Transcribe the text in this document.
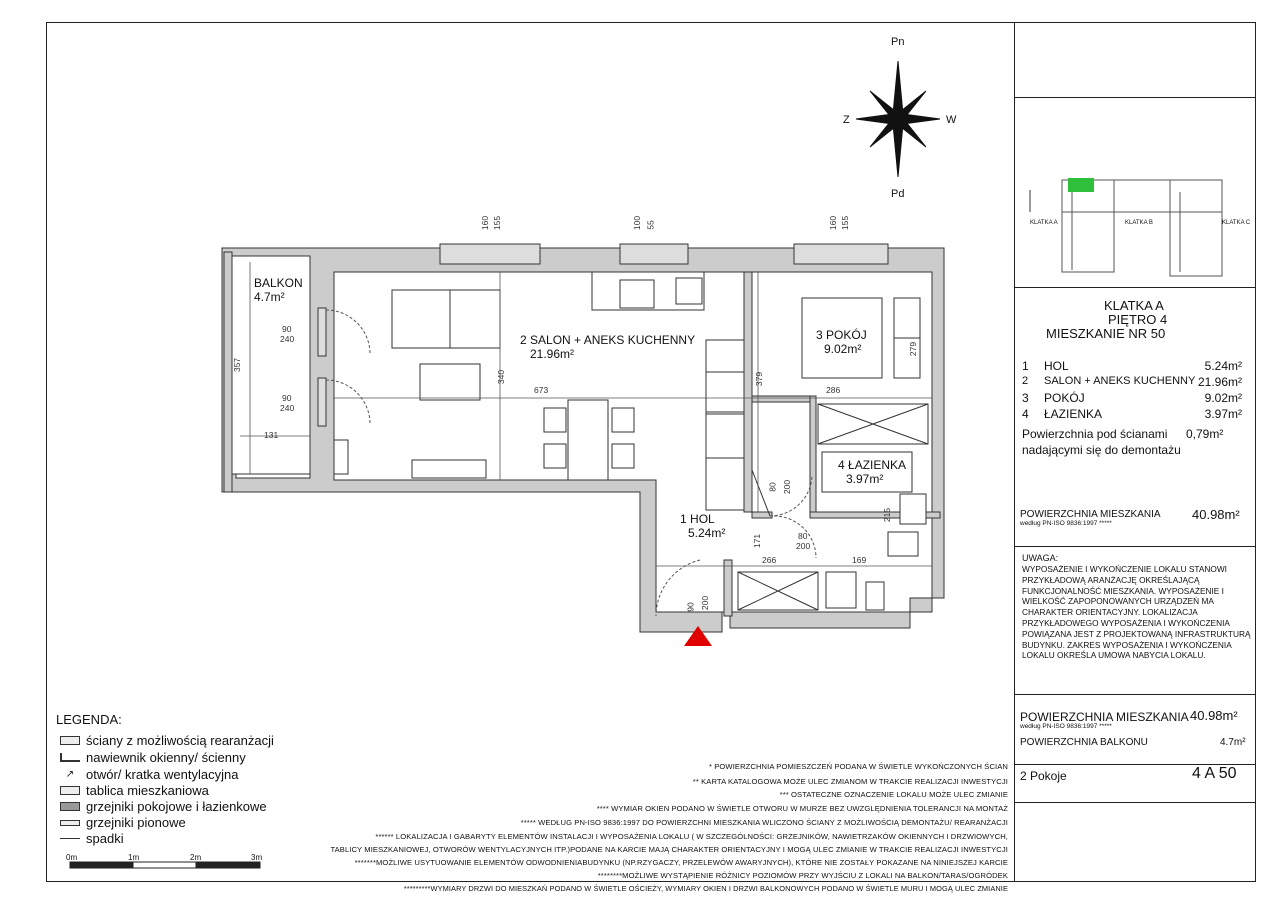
Pn
Pd
Z	W
BALKON
4.7m²
2 SALON + ANEKS KUCHENNY
21.96m²
3 POKÓJ
9.02m²
4 ŁAZIENKA
3.97m²
1 HOL
5.24m²
160 155	100 55	160 155
90
240
90
240
357
131
340
673
379
286
279
80 200
80
200
215
171
266	169
90 200
LEGENDA:
ściany z możliwością rearanżacji
nawiewnik okienny/ ścienny
↗ otwór/ kratka wentylacyjna
tablica mieszkaniowa
grzejniki pokojowe i łazienkowe
grzejniki pionowe
spadki
0m	1m	2m	3m
* POWIERZCHNIA POMIESZCZEŃ PODANA W ŚWIETLE WYKOŃCZONYCH ŚCIAN
** KARTA KATALOGOWA MOŻE ULEC ZMIANOM W TRAKCIE REALIZACJI INWESTYCJI
*** OSTATECZNE OZNACZENIE LOKALU MOŻE ULEC ZMIANIE
**** WYMIAR OKIEN PODANO W ŚWIETLE OTWORU W MURZE BEZ UWZGLĘDNIENIA TOLERANCJI NA MONTAŻ
***** WEDŁUG PN-ISO 9836:1997 DO POWIERZCHNI MIESZKANIA WLICZONO ŚCIANY Z MOŻLIWOŚCIĄ DEMONTAŻU/ REARANŻACJI
****** LOKALIZACJA I GABARYTY ELEMENTÓW INSTALACJI I WYPOSAŻENIA LOKALU ( W SZCZEGÓLNOŚCI: GRZEJNIKÓW, NAWIETRZAKÓW OKIENNYCH I DRZWIOWYCH,
TABLICY MIESZKANIOWEJ, OTWORÓW WENTYLACYJNYCH ITP.)PODANE NA KARCIE MAJĄ CHARAKTER ORIENTACYJNY I MOGĄ ULEC ZMIANIE W TRAKCIE REALIZACJI INWESTYCJI
*******MOŻLIWE USYTUOWANIE ELEMENTÓW ODWODNIENIABUDYNKU (NP.RZYGACZY, PRZELEWÓW AWARYJNYCH), KTÓRE NIE ZOSTAŁY POKAZANE NA NINIEJSZEJ KARCIE
********MOŻLIWE WYSTĄPIENIE RÓŻNICY POZIOMÓW PRZY WYJŚCIU Z LOKALI NA BALKON/TARAS/OGRÓDEK
*********WYMIARY DRZWI DO MIESZKAŃ PODANO W ŚWIETLE OŚCIEŻY, WYMIARY OKIEN I DRZWI BALKONOWYCH PODANO W ŚWIETLE MURU I MOGĄ ULEC ZMIANIE
KLATKA A	KLATKA B	KLATKA C
KLATKA A
PIĘTRO 4
MIESZKANIE NR 50
1	HOL	5.24m²
2	SALON + ANEKS KUCHENNY 21.96m²
3	POKÓJ	9.02m²
4	ŁAZIENKA	3.97m²
Powierzchnia pod ścianami
nadającymi się do demontażu
0,79m²
POWIERZCHNIA MIESZKANIA
według PN-ISO 9836:1997 *****
40.98m²
UWAGA:
WYPOSAŻENIE I WYKOŃCZENIE LOKALU STANOWI PRZYKŁADOWĄ ARANŻACJĘ OKREŚLAJĄCĄ FUNKCJONALNOŚĆ MIESZKANIA. WYPOSAŻENIE I WIELKOŚĆ ZAPOPONOWANYCH URZĄDZEŃ MA CHARAKTER ORIENTACYJNY. LOKALIZACJA PRZYKŁADOWEGO WYPOSAŻENIA I WYKOŃCZENIA POWIĄZANA JEST Z PROJEKTOWANĄ INFRASTRUKTURĄ BUDYNKU. ZAKRES WYPOSAŻENIA I WYKOŃCZENIA LOKALU OKREŚLA UMOWA NABYCIA LOKALU.
POWIERZCHNIA MIESZKANIA 40.98m²
według PN-ISO 9836:1997 *****
POWIERZCHNIA BALKONU	4.7m²
2 Pokoje	4 A 50
